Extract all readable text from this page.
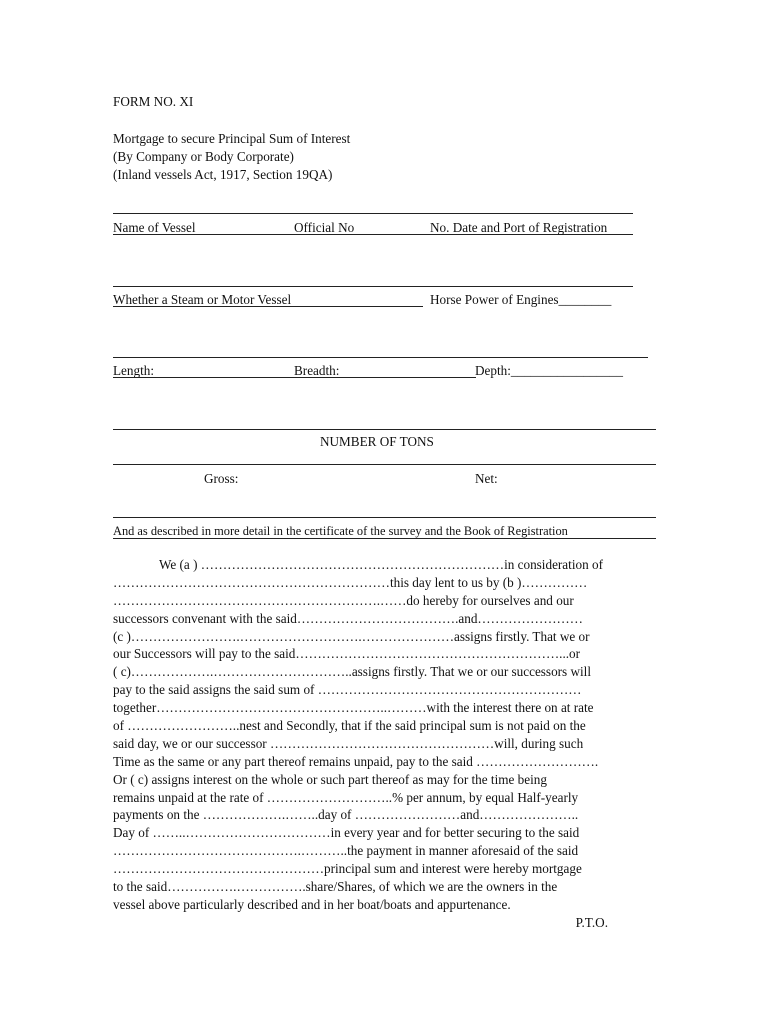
FORM NO. XI
Mortgage to secure Principal Sum of Interest
(By Company or Body Corporate)
(Inland vessels Act, 1917, Section 19QA)
Name of Vessel	Official No	No. Date and Port of Registration
Whether a Steam or Motor Vessel	Horse Power of Engines________
Length:	Breadth:	Depth:_________________
NUMBER OF TONS
Gross:	Net:
And as described in more detail in the certificate of the survey and the Book of Registration
We (a ) ……………………………………………………………in consideration of
………………………………………………………this day lent to us by (b )……………
…………………………………………………….……do hereby for ourselves and our
successors convenant with the said……………………………….and……………………
(c )…………………….……………………….…………………assigns firstly. That we or
our Successors will pay to the said……………………………………………………...or
( c)……………….…………………………..assigns firstly. That we or our successors will
pay to the said assigns the said sum of ……………………………………………………
together……………………………………………..………with the interest there on at rate
of ……………………..nest and Secondly, that if the said principal sum is not paid on the
said day, we or our successor ……………………………………………will, during such
Time as the same or any part thereof remains unpaid, pay to the said ……………………….
Or ( c) assigns interest on the whole or such part thereof as may for the time being
remains unpaid at the rate of ………………………..% per annum, by equal Half-yearly
payments on the ……………….……..day of ……………………and…………………..
Day of ……..……………………………in every year and for better securing to the said
…………………………………….………..the payment in manner aforesaid of the said
…………………………………………principal sum and interest were hereby mortgage
to the said…………….…………….share/Shares, of which we are the owners in the
vessel above particularly described and in her boat/boats and appurtenance.
P.T.O.
